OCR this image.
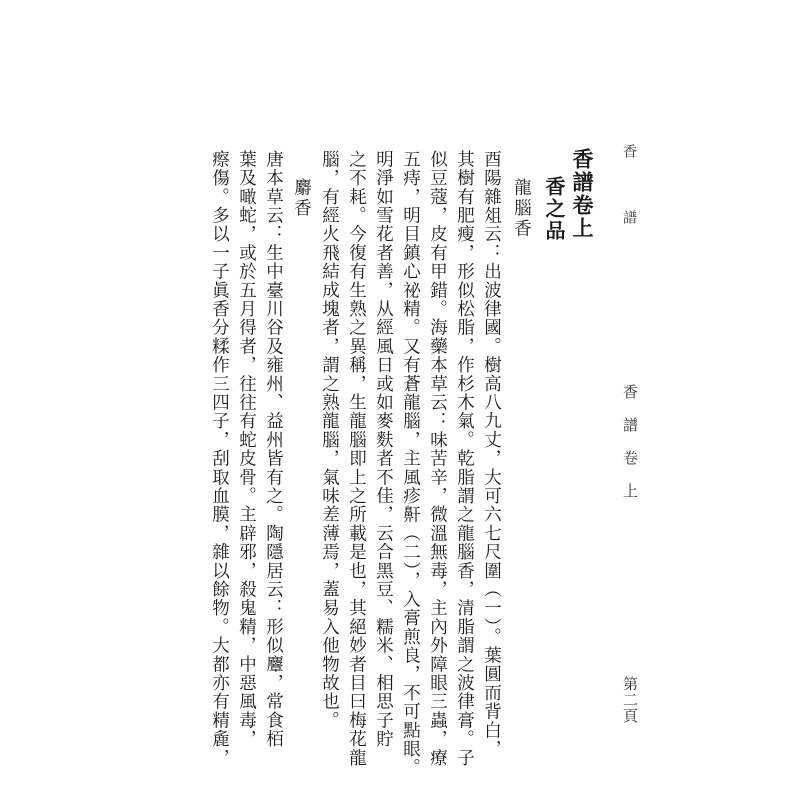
香 譜
香譜卷上
第二頁
香譜卷上
香之品
龍腦香
酉陽雜俎云：出波律國。樹高八九丈，大可六七尺圍（一）。葉圓而背白，
其樹有肥瘦，形似松脂，作杉木氣。乾脂謂之龍腦香，清脂謂之波律膏。子
似豆蔻，皮有甲錯。海藥本草云：味苦辛，微溫無毒，主內外障眼三蟲，療
五痔，明目鎮心祕精。又有蒼龍腦，主風疹鼾（二），入膏煎良，不可點眼。
明淨如雪花者善，从經風日或如麥麩者不佳，云合黑豆、糯米、相思子貯
之不耗。今復有生熟之異稱，生龍腦即上之所載是也，其絕妙者目曰梅花龍
腦，有經火飛結成塊者，謂之熟龍腦，氣味差薄焉，蓋易入他物故也。
麝香
唐本草云：生中臺川谷及雍州、益州皆有之。陶隱居云：形似麞，常食栢
葉及噉蛇，或於五月得者，往往有蛇皮骨。主辟邪，殺鬼精，中惡風毒，
瘵傷。多以一子眞香分糅作三四子，刮取血膜，雜以餘物。大都亦有精麁，
